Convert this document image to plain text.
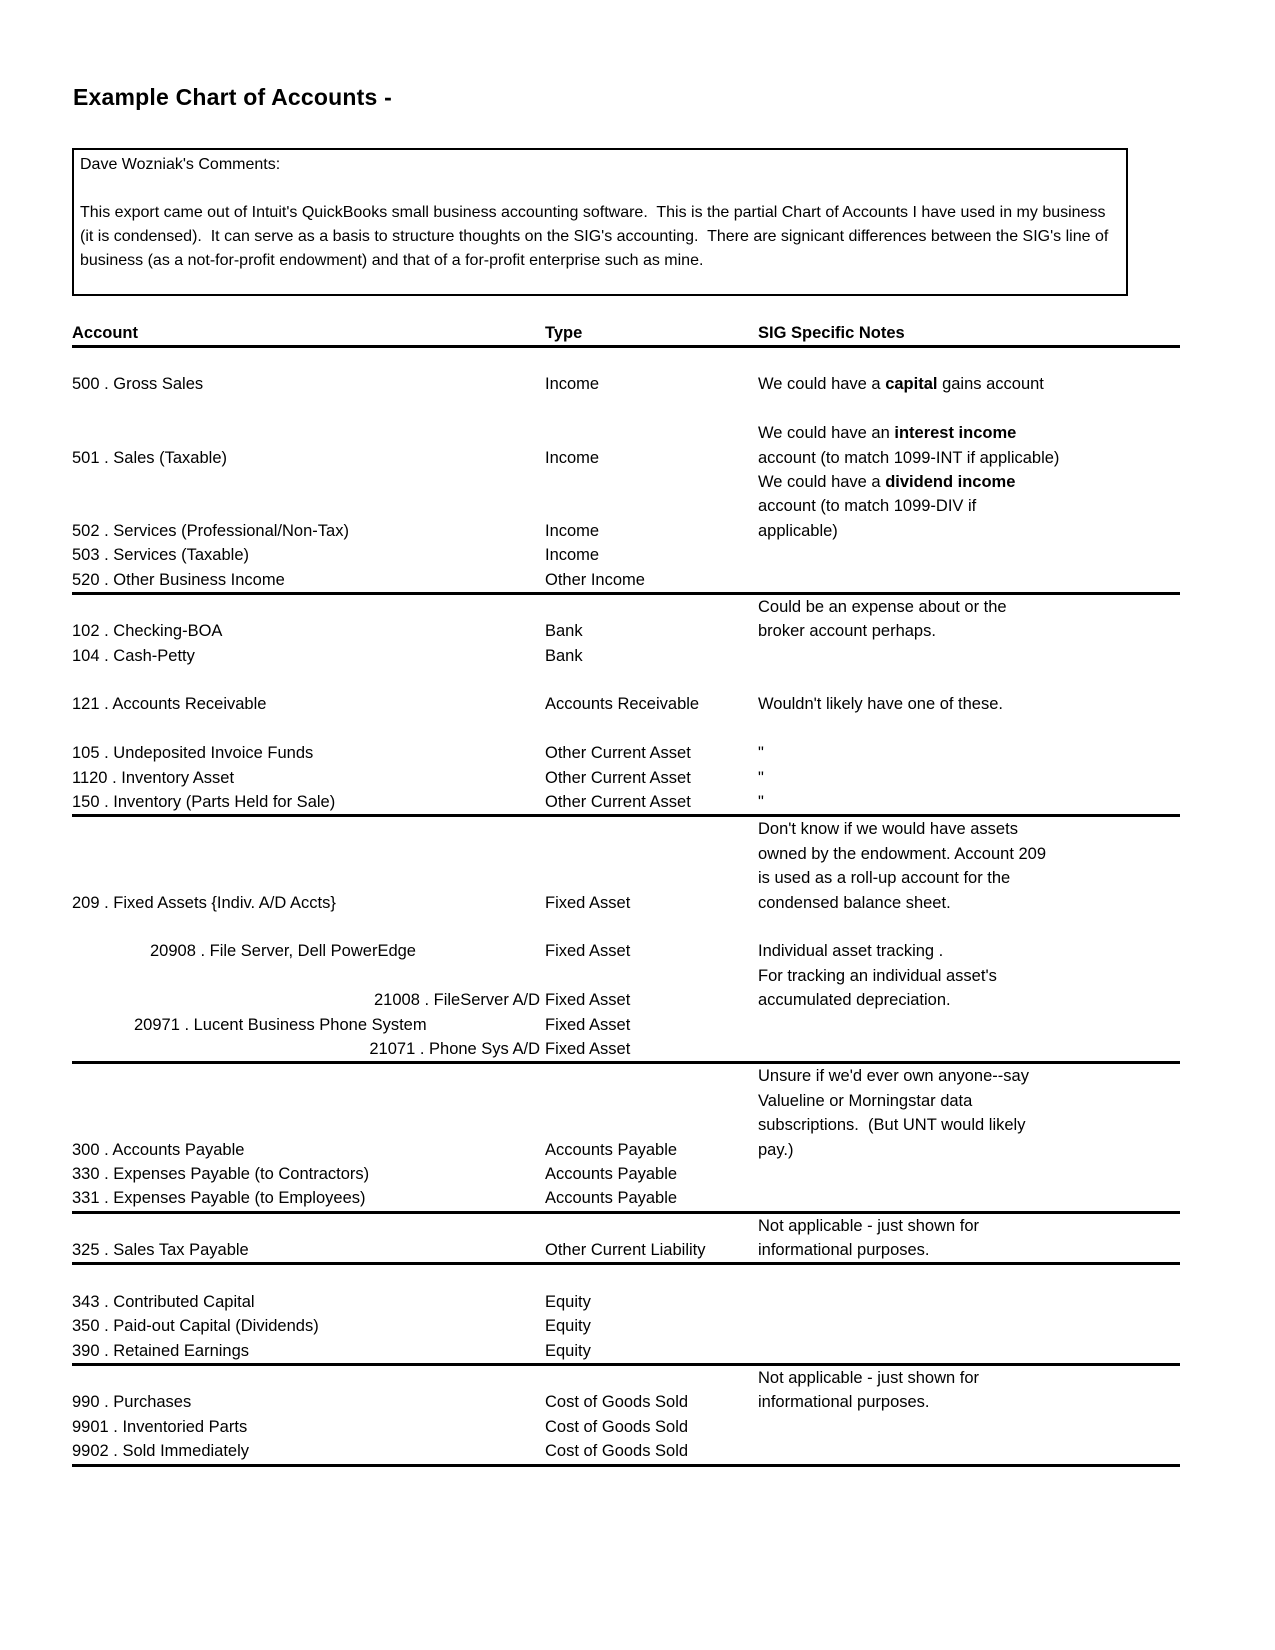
Example Chart of Accounts -

Dave Wozniak's Comments:

This export came out of Intuit's QuickBooks small business accounting software.  This is the partial Chart of Accounts I have used in my business (it is condensed).  It can serve as a basis to structure thoughts on the SIG's accounting.  There are signicant differences between the SIG's line of business (as a not-for-profit endowment) and that of a for-profit enterprise such as mine.

Account	Type	SIG Specific Notes
500 . Gross Sales	Income	We could have a capital gains account
We could have an interest income
501 . Sales (Taxable)	Income	account (to match 1099-INT if applicable)
We could have a dividend income
account (to match 1099-DIV if
502 . Services (Professional/Non-Tax)	Income	applicable)
503 . Services (Taxable)	Income
520 . Other Business Income	Other Income
Could be an expense about or the
102 . Checking-BOA	Bank	broker account perhaps.
104 . Cash-Petty	Bank
121 . Accounts Receivable	Accounts Receivable	Wouldn't likely have one of these.
105 . Undeposited Invoice Funds	Other Current Asset	"
1120 . Inventory Asset	Other Current Asset	"
150 . Inventory (Parts Held for Sale)	Other Current Asset	"
Don't know if we would have assets
owned by the endowment. Account 209
is used as a roll-up account for the
209 . Fixed Assets {Indiv. A/D Accts}	Fixed Asset	condensed balance sheet.
20908 . File Server, Dell PowerEdge	Fixed Asset	Individual asset tracking .
For tracking an individual asset's
21008 . FileServer A/D Fixed Asset	accumulated depreciation.
20971 . Lucent Business Phone System	Fixed Asset
21071 . Phone Sys A/D Fixed Asset
Unsure if we'd ever own anyone--say
Valueline or Morningstar data
subscriptions.  (But UNT would likely
300 . Accounts Payable	Accounts Payable	pay.)
330 . Expenses Payable (to Contractors)	Accounts Payable
331 . Expenses Payable (to Employees)	Accounts Payable
Not applicable - just shown for
325 . Sales Tax Payable	Other Current Liability	informational purposes.
343 . Contributed Capital	Equity
350 . Paid-out Capital (Dividends)	Equity
390 . Retained Earnings	Equity
Not applicable - just shown for
990 . Purchases	Cost of Goods Sold	informational purposes.
9901 . Inventoried Parts	Cost of Goods Sold
9902 . Sold Immediately	Cost of Goods Sold
